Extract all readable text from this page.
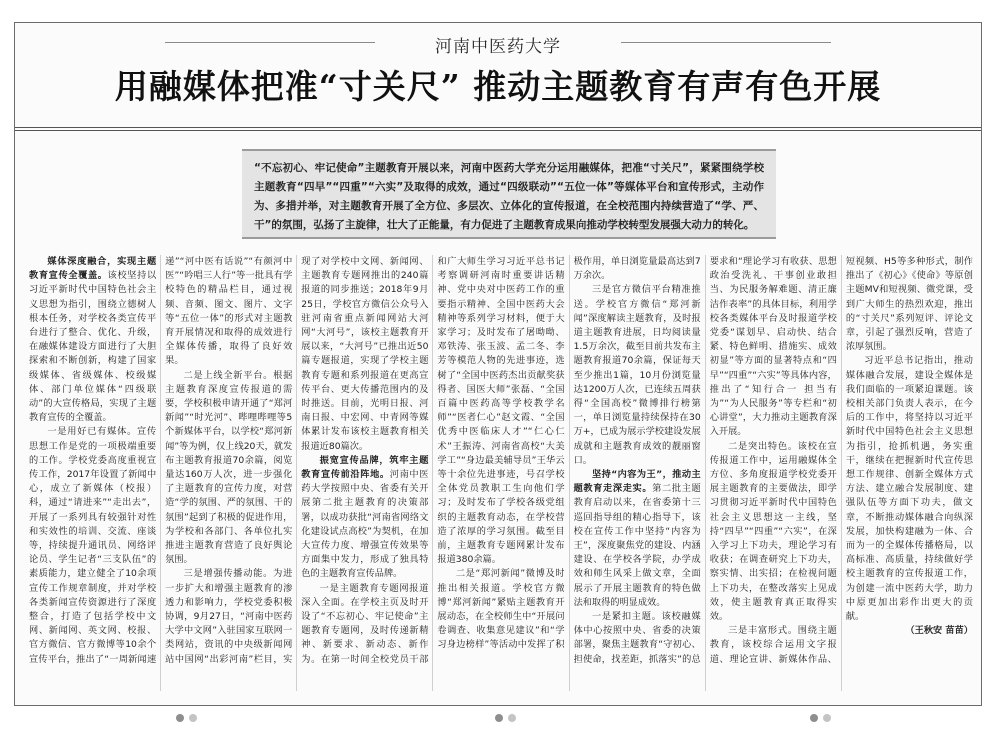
河南中医药大学
用融媒体把准“寸关尺” 推动主题教育有声有色开展
“不忘初心、牢记使命”主题教育开展以来，河南中医药大学充分运用融媒体，把准“寸关尺”，紧紧围绕学校主题教育“四早”“四重”“六实”及取得的成效，通过“四级联动”“五位一体”等媒体平台和宣传形式，主动作为、多措并举，对主题教育开展了全方位、多层次、立体化的宣传报道，在全校范围内持续营造了“学、严、干”的氛围，弘扬了主旋律，壮大了正能量，有力促进了主题教育成果向推动学校转型发展强大动力的转化。

媒体深度融合，实现主题教育宣传全覆盖。该校坚持以习近平新时代中国特色社会主义思想为指引，围绕立德树人根本任务，对学校各类宣传平台进行了整合、优化、升级，在融媒体建设方面进行了大胆探索和不断创新，构建了国家级媒体、省级媒体、校级媒体、部门单位媒体“四级联动”的大宣传格局，实现了主题教育宣传的全覆盖。

一是用好已有媒体。宣传思想工作是党的一项极端重要的工作。学校党委高度重视宣传工作，2017年设置了新闻中心，成立了新媒体（校报）科，通过“请进来”“走出去”，开展了一系列具有较强针对性和实效性的培训、交流、座谈等，持续提升通讯员、网络评论员、学生记者“三支队伍”的素质能力，建立健全了10余项宣传工作规章制度，并对学校各类新闻宣传资源进行了深度整合，打造了包括学校中文网、新闻网、英文网、校报、官方微信、官方微博等10余个宣传平台，推出了“一周新闻速递”“河中医有话说”“有颜河中医”“吟唱三人行”等一批具有学校特色的精品栏目，通过视频、音频、图文、图片、文字等“五位一体”的形式对主题教育开展情况和取得的成效进行全媒体传播，取得了良好效果。

二是上线全新平台。根据主题教育深度宣传报道的需要，学校积极申请开通了“郑河新闻”“时光河”、哔哩哔哩等5个新媒体平台，以学校“郑河新闻”等为例，仅上线20天，就发布主题教育报道70余篇，阅览量达160万人次，进一步强化了主题教育的宣传力度，对营造“学的氛围、严的氛围、干的氛围”起到了积极的促进作用，为学校和各部门、各单位扎实推进主题教育营造了良好舆论氛围。

三是增强传播动能。为进一步扩大和增强主题教育的渗透力和影响力，学校党委积极协调，9月27日，“河南中医药大学中文网”入驻国家互联网一类网站，资讯的中央级新闻网站中国网“出彩河南”栏目，实现了对学校中文网、新闻网、主题教育专题网推出的240篇报道的同步推送；2018年9月25日，学校官方微信公众号入驻河南省重点新闻网站大河网“大河号”，该校主题教育开展以来，“大河号”已推出近50篇专题报道，实现了学校主题教育专题和系列报道在更高宣传平台、更大传播范围内的及时推送。目前，光明日报、河南日报、中宏网、中青网等媒体累计发布该校主题教育相关报道近80篇次。

振宽宣传品牌，筑牢主题教育宣传前沿阵地。河南中医药大学按照中央、省委有关开展第二批主题教育的决策部署，以成功获批“河南省网络文化建设试点高校”为契机，在加大宣传力度、增强宣传效果等方面集中发力，形成了独具特色的主题教育宣传品牌。

一是主题教育专题网报道深入全面。在学校主页及时开设了“不忘初心、牢记使命”主题教育专题网，及时传递新精神、新要求、新动态、新作为。在第一时间全校党员干部和广大师生学习习近平总书记考察调研河南时重要讲话精神、党中央对中医药工作的重要指示精神、全国中医药大会精神等系列学习材料，便于大家学习；及时发布了屠呦呦、邓铁涛、张玉波、孟二冬、李芳等模范人物的先进事迹，选树了“全国中医药杰出贡献奖获得者、国医大师”张磊、“全国百篇中医药高等学校教学名师”“医者仁心”赵文霞、“全国优秀中医临床人才”“仁心仁术”王振涛、河南省高校“大美学工”“身边最美辅导员”王华云等十余位先进事迹，号召学校全体党员教职工生向他们学习；及时发布了学校各级党组织的主题教育动态，在学校营造了浓厚的学习氛围。截至目前，主题教育专题网累计发布报道380余篇。

二是“郑河新闻”微博及时推出相关报道。学校官方微博“郑河新闻”紧贴主题教育开展动态，在全校师生中“开展问卷调查、收集意见建议”和“学习身边榜样”等活动中发挥了积极作用，单日浏览量最高达到7万余次。

三是官方微信平台精准推送。学校官方微信“郑河新闻”深度解读主题教育，及时报道主题教育进展，日均阅读量1.5万余次，截至目前共发布主题教育报道70余篇，保证每天至少推出1篇，10月份浏览量达1200万人次，已连续五周获得“全国高校”微博排行榜第一，单日浏览量持续保持在30万+，已成为展示学校建设发展成就和主题教育成效的靓丽窗口。

坚持“内容为王”，推动主题教育走深走实。第二批主题教育启动以来，在省委第十三巡回指导组的精心指导下，该校在宣传工作中坚持“内容为王”，深度聚焦党的建设、内涵建设、在学校各学院，办学成效和师生风采上做文章，全面展示了开展主题教育的特色做法和取得的明显成效。

一是紧扣主题。该校融媒体中心按照中央、省委的决策部署，聚焦主题教育“守初心、担使命，找差距，抓落实”的总要求和“理论学习有收获、思想政治受洗礼、干事创业敢担当、为民服务解难题、清正廉洁作表率”的具体目标，利用学校各类媒体平台及时报道学校党委“谋划早、启动快、结合紧、特色鲜明、措施实、成效初显”等方面的显著特点和“四早”“四重”“六实”等具体内容，推出了“知行合一 担当有为”“为人民服务”等专栏和“初心讲堂”，大力推动主题教育深入开展。

二是突出特色。该校在宣传报道工作中，运用融媒体全方位、多角度报道学校党委开展主题教育的主要做法，即学习贯彻习近平新时代中国特色社会主义思想这一主线，坚持“四早”“四重”“六实”，在深入学习上下功夫，理论学习有收获；在调查研究上下功夫，察实情、出实招；在检视问题上下功夫，在整改落实上见成效，使主题教育真正取得实效。

三是丰富形式。围绕主题教育，该校综合运用文字报道、理论宣讲、新媒体作品、短视频、H5等多种形式，制作推出了《初心》《使命》等原创主题MV和短视频、微党课，受到广大师生的热烈欢迎，推出的“寸关尺”系列短评、评论文章，引起了强烈反响，营造了浓厚氛围。

习近平总书记指出，推动媒体融合发展，建设全媒体是我们面临的一项紧迫课题。该校相关部门负责人表示，在今后的工作中，将坚持以习近平新时代中国特色社会主义思想为指引，抢抓机遇，务实重干，继续在把握新时代宣传思想工作规律、创新全媒体方式方法、建立融合发展制度、建强队伍等方面下功夫，做文章，不断推动媒体融合向纵深发展，加快构建融为一体、合而为一的全媒体传播格局，以高标准、高质量，持续做好学校主题教育的宣传报道工作，为创建一流中医药大学，助力中原更加出彩作出更大的贡献。

（王秋安 苗苗）
